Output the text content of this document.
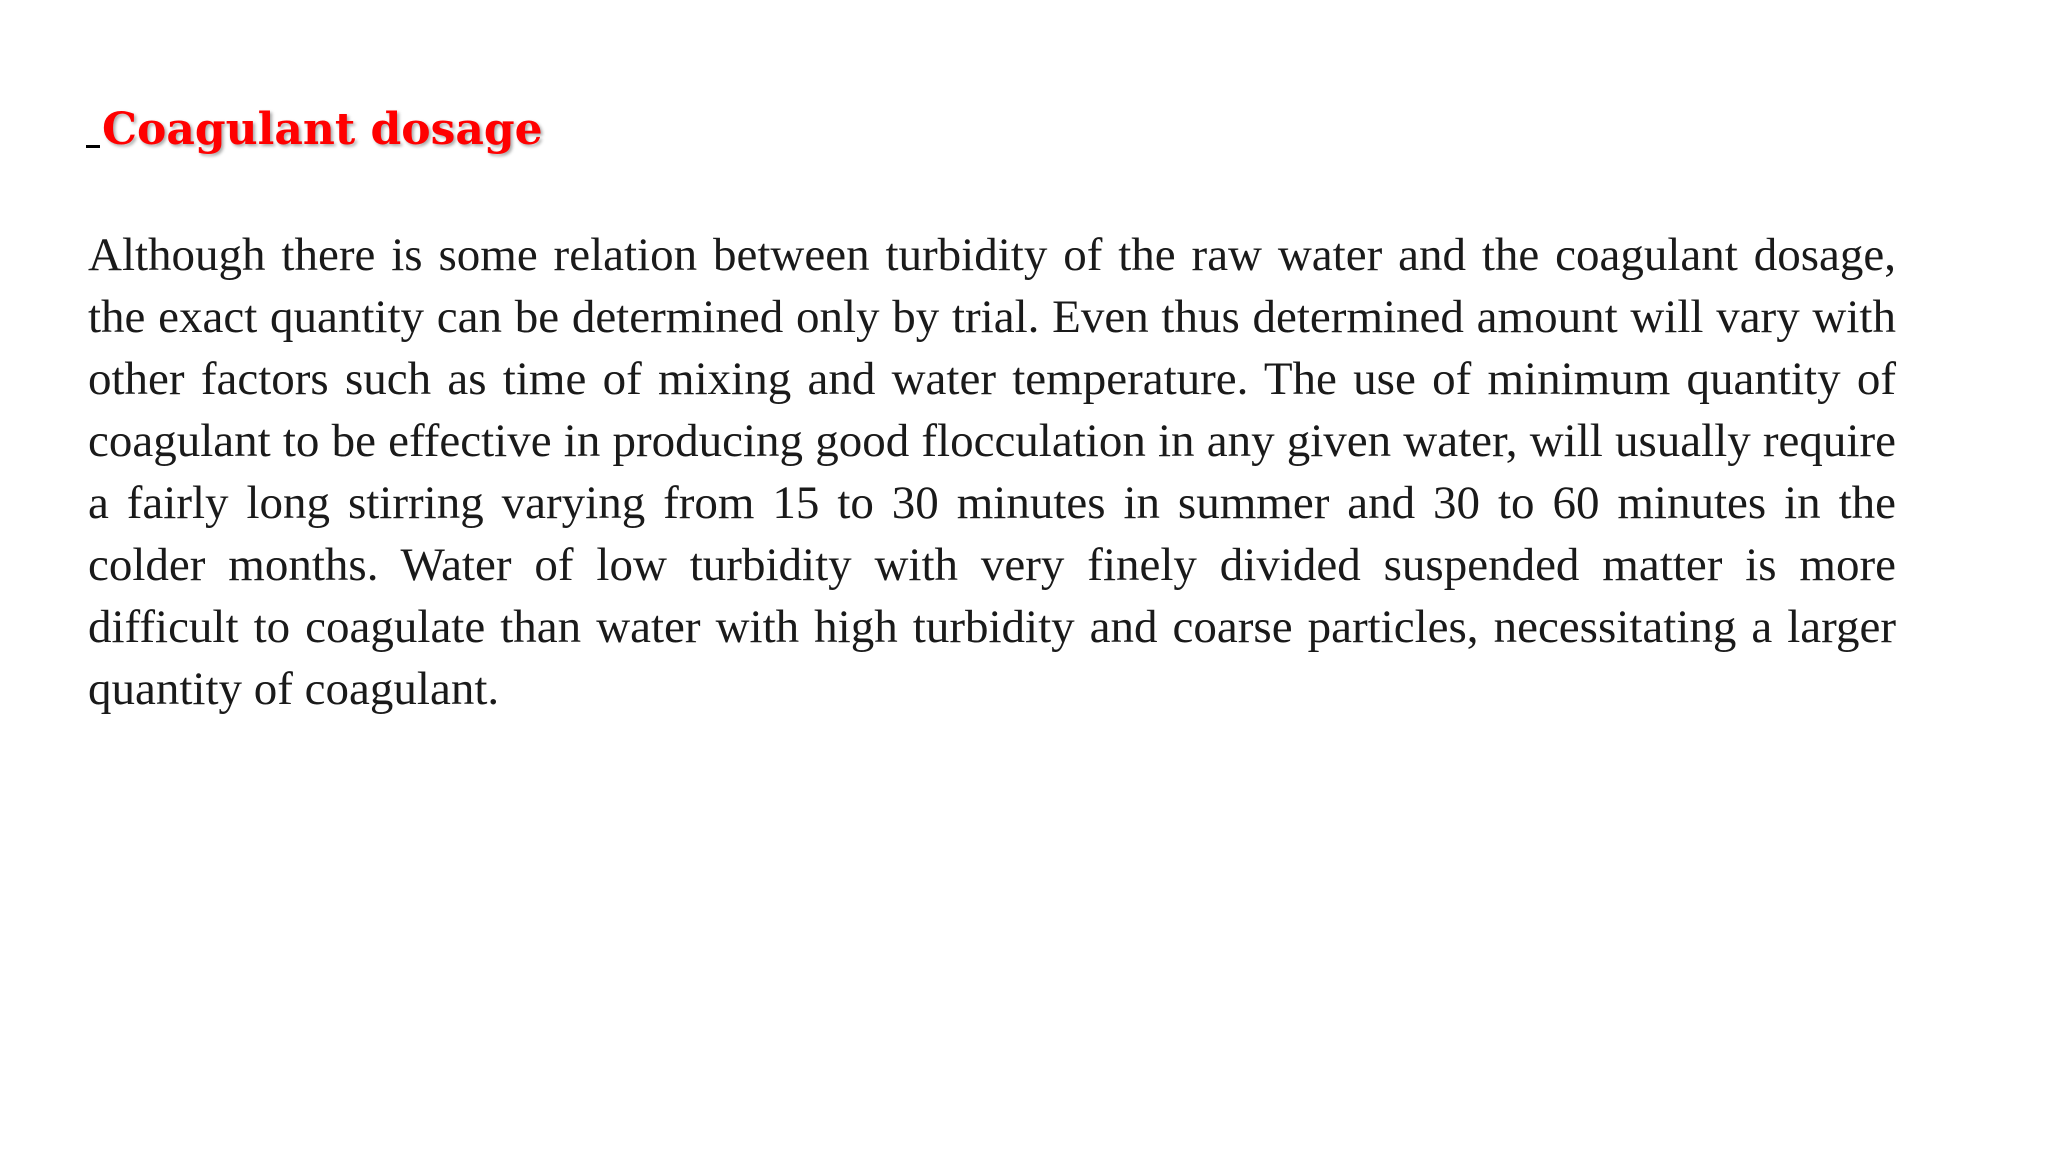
Coagulant dosage

Although there is some relation between turbidity of the raw water and the coagulant dosage, the exact quantity can be determined only by trial. Even thus determined amount will vary with other factors such as time of mixing and water temperature. The use of minimum quantity of coagulant to be effective in producing good flocculation in any given water, will usually require a fairly long stirring varying from 15 to 30 minutes in summer and 30 to 60 minutes in the colder months. Water of low turbidity with very finely divided suspended matter is more difficult to coagulate than water with high turbidity and coarse particles, necessitating a larger quantity of coagulant.
